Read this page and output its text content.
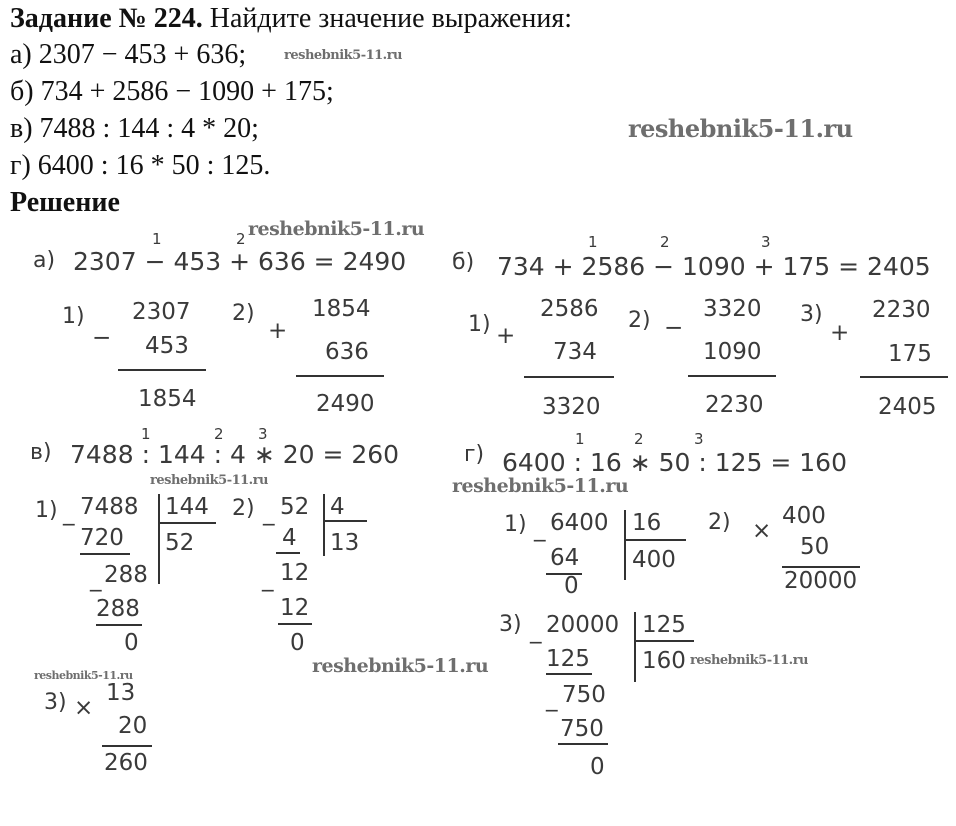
Задание № 224. Найдите значение выражения:
а) 2307 − 453 + 636;
б) 734 + 2586 − 1090 + 175;
в) 7488 : 144 : 4 * 20;
г) 6400 : 16 * 50 : 125.
Решение
reshebnik5-11.ru
reshebnik5-11.ru
reshebnik5-11.ru
reshebnik5-11.ru	reshebnik5-11.ru
reshebnik5-11.ru	reshebnik5-11.ru
reshebnik5-11.ru
а) 2307 − 453 + 636 = 2490
1	2
1)
−
2307
453
1854
2)
+
1854
636
2490
б) 734 + 2586 − 1090 + 175 = 2405
1	2	3
1) +
2586
734
3320
2) −
3320
1090
2230
3)
+
2230
175
2405
в) 7488 : 144 : 4 ∗ 20 = 260
1	2 3
1) _ 7488 144
52
720
_ 288
288
0
2) _ 52 4
13
4
_ 12
12
0
3) ×
13
20
260
г) 6400 : 16 ∗ 50 : 125 = 160
1	2	3
1) _ 6400 16
400
64
0
2) ×
400
50
20000
3) _ 20000 125
160
125
_ 750
750
0
